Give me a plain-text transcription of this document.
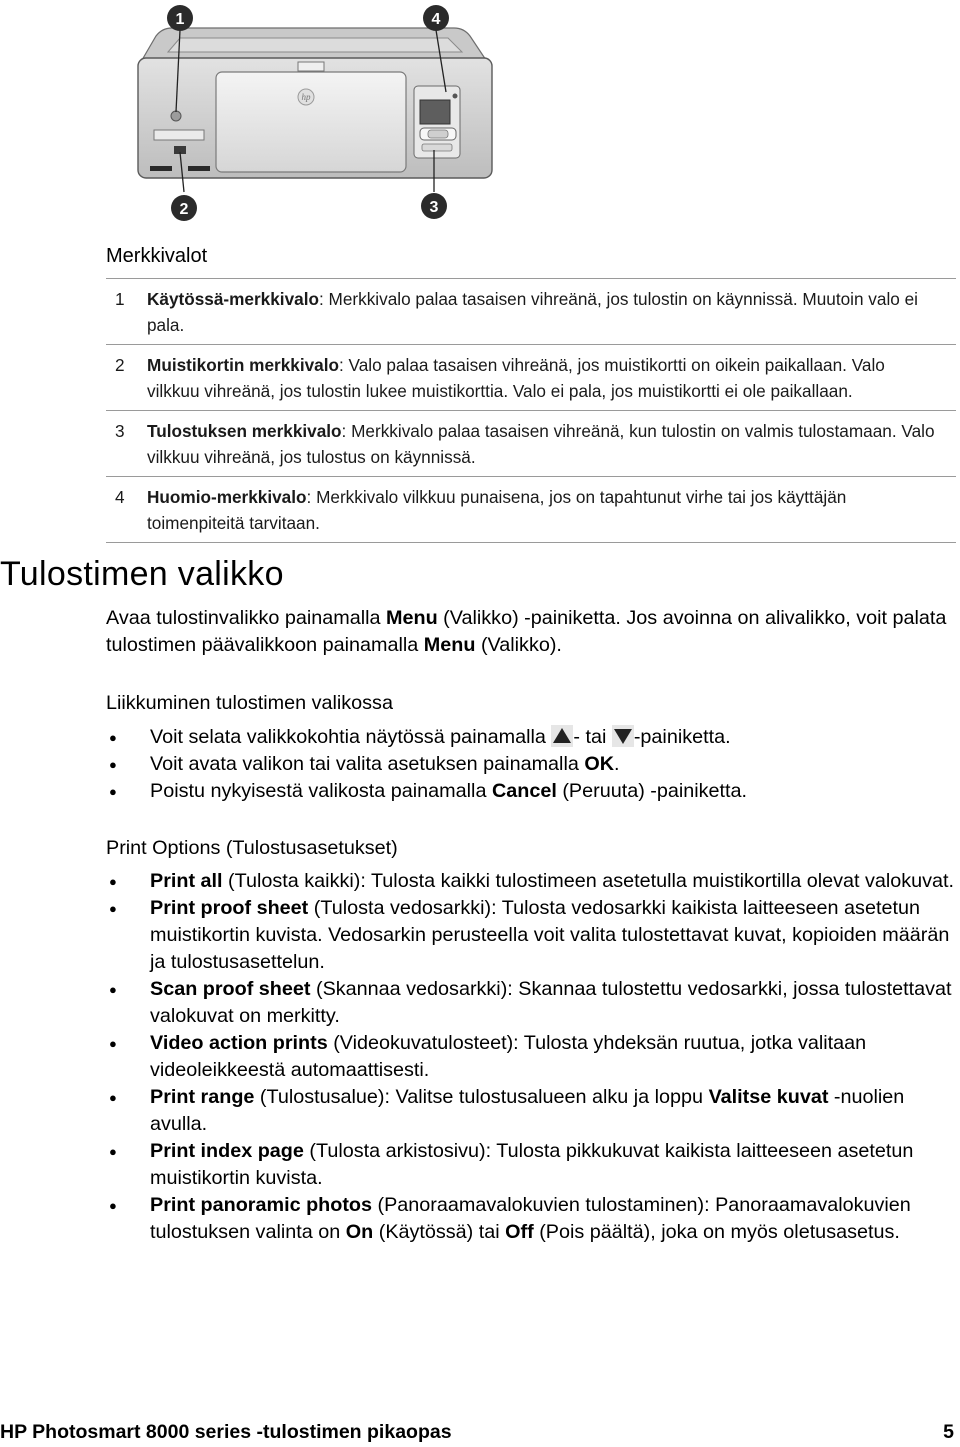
hp
1	4
2	3
Merkkivalot
1	Käytössä-merkkivalo: Merkkivalo palaa tasaisen vihreänä, jos tulostin on käynnissä. Muutoin valo ei pala.
2	Muistikortin merkkivalo: Valo palaa tasaisen vihreänä, jos muistikortti on oikein paikallaan. Valo vilkkuu vihreänä, jos tulostin lukee muistikorttia. Valo ei pala, jos muistikortti ei ole paikallaan.
3	Tulostuksen merkkivalo: Merkkivalo palaa tasaisen vihreänä, kun tulostin on valmis tulostamaan. Valo vilkkuu vihreänä, jos tulostus on käynnissä.
4	Huomio-merkkivalo: Merkkivalo vilkkuu punaisena, jos on tapahtunut virhe tai jos käyttäjän toimenpiteitä tarvitaan.
Tulostimen valikko
Avaa tulostinvalikko painamalla Menu (Valikko) -painiketta. Jos avoinna on alivalikko, voit palata tulostimen päävalikkoon painamalla Menu (Valikko).
Liikkuminen tulostimen valikossa
● Voit selata valikkokohtia näytössä painamalla - tai -painiketta.
● Voit avata valikon tai valita asetuksen painamalla OK.
● Poistu nykyisestä valikosta painamalla Cancel (Peruuta) -painiketta.
Print Options (Tulostusasetukset)
● Print all (Tulosta kaikki): Tulosta kaikki tulostimeen asetetulla muistikortilla olevat valokuvat.
● Print proof sheet (Tulosta vedosarkki): Tulosta vedosarkki kaikista laitteeseen asetetun muistikortin kuvista. Vedosarkin perusteella voit valita tulostettavat kuvat, kopioiden määrän ja tulostusasettelun.
● Scan proof sheet (Skannaa vedosarkki): Skannaa tulostettu vedosarkki, jossa tulostettavat valokuvat on merkitty.
● Video action prints (Videokuvatulosteet): Tulosta yhdeksän ruutua, jotka valitaan videoleikkeestä automaattisesti.
● Print range (Tulostusalue): Valitse tulostusalueen alku ja loppu Valitse kuvat -nuolien avulla.
● Print index page (Tulosta arkistosivu): Tulosta pikkukuvat kaikista laitteeseen asetetun muistikortin kuvista.
● Print panoramic photos (Panoraamavalokuvien tulostaminen): Panoraamavalokuvien tulostuksen valinta on On (Käytössä) tai Off (Pois päältä), joka on myös oletusasetus.
HP Photosmart 8000 series -tulostimen pikaopas	5
